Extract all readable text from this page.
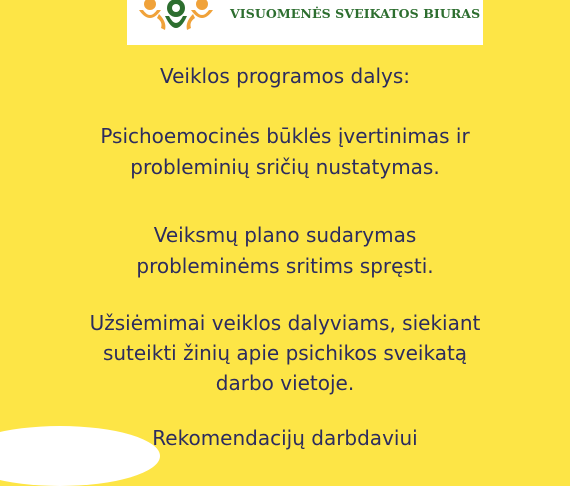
VISUOMENĖS SVEIKATOS BIURAS
Veiklos programos dalys:
Psichoemocinės būklės įvertinimas ir
probleminių sričių nustatymas.
Veiksmų plano sudarymas
probleminėms sritims spręsti.
Užsiėmimai veiklos dalyviams, siekiant
suteikti žinių apie psichikos sveikatą
darbo vietoje.
Rekomendacijų darbdaviui
